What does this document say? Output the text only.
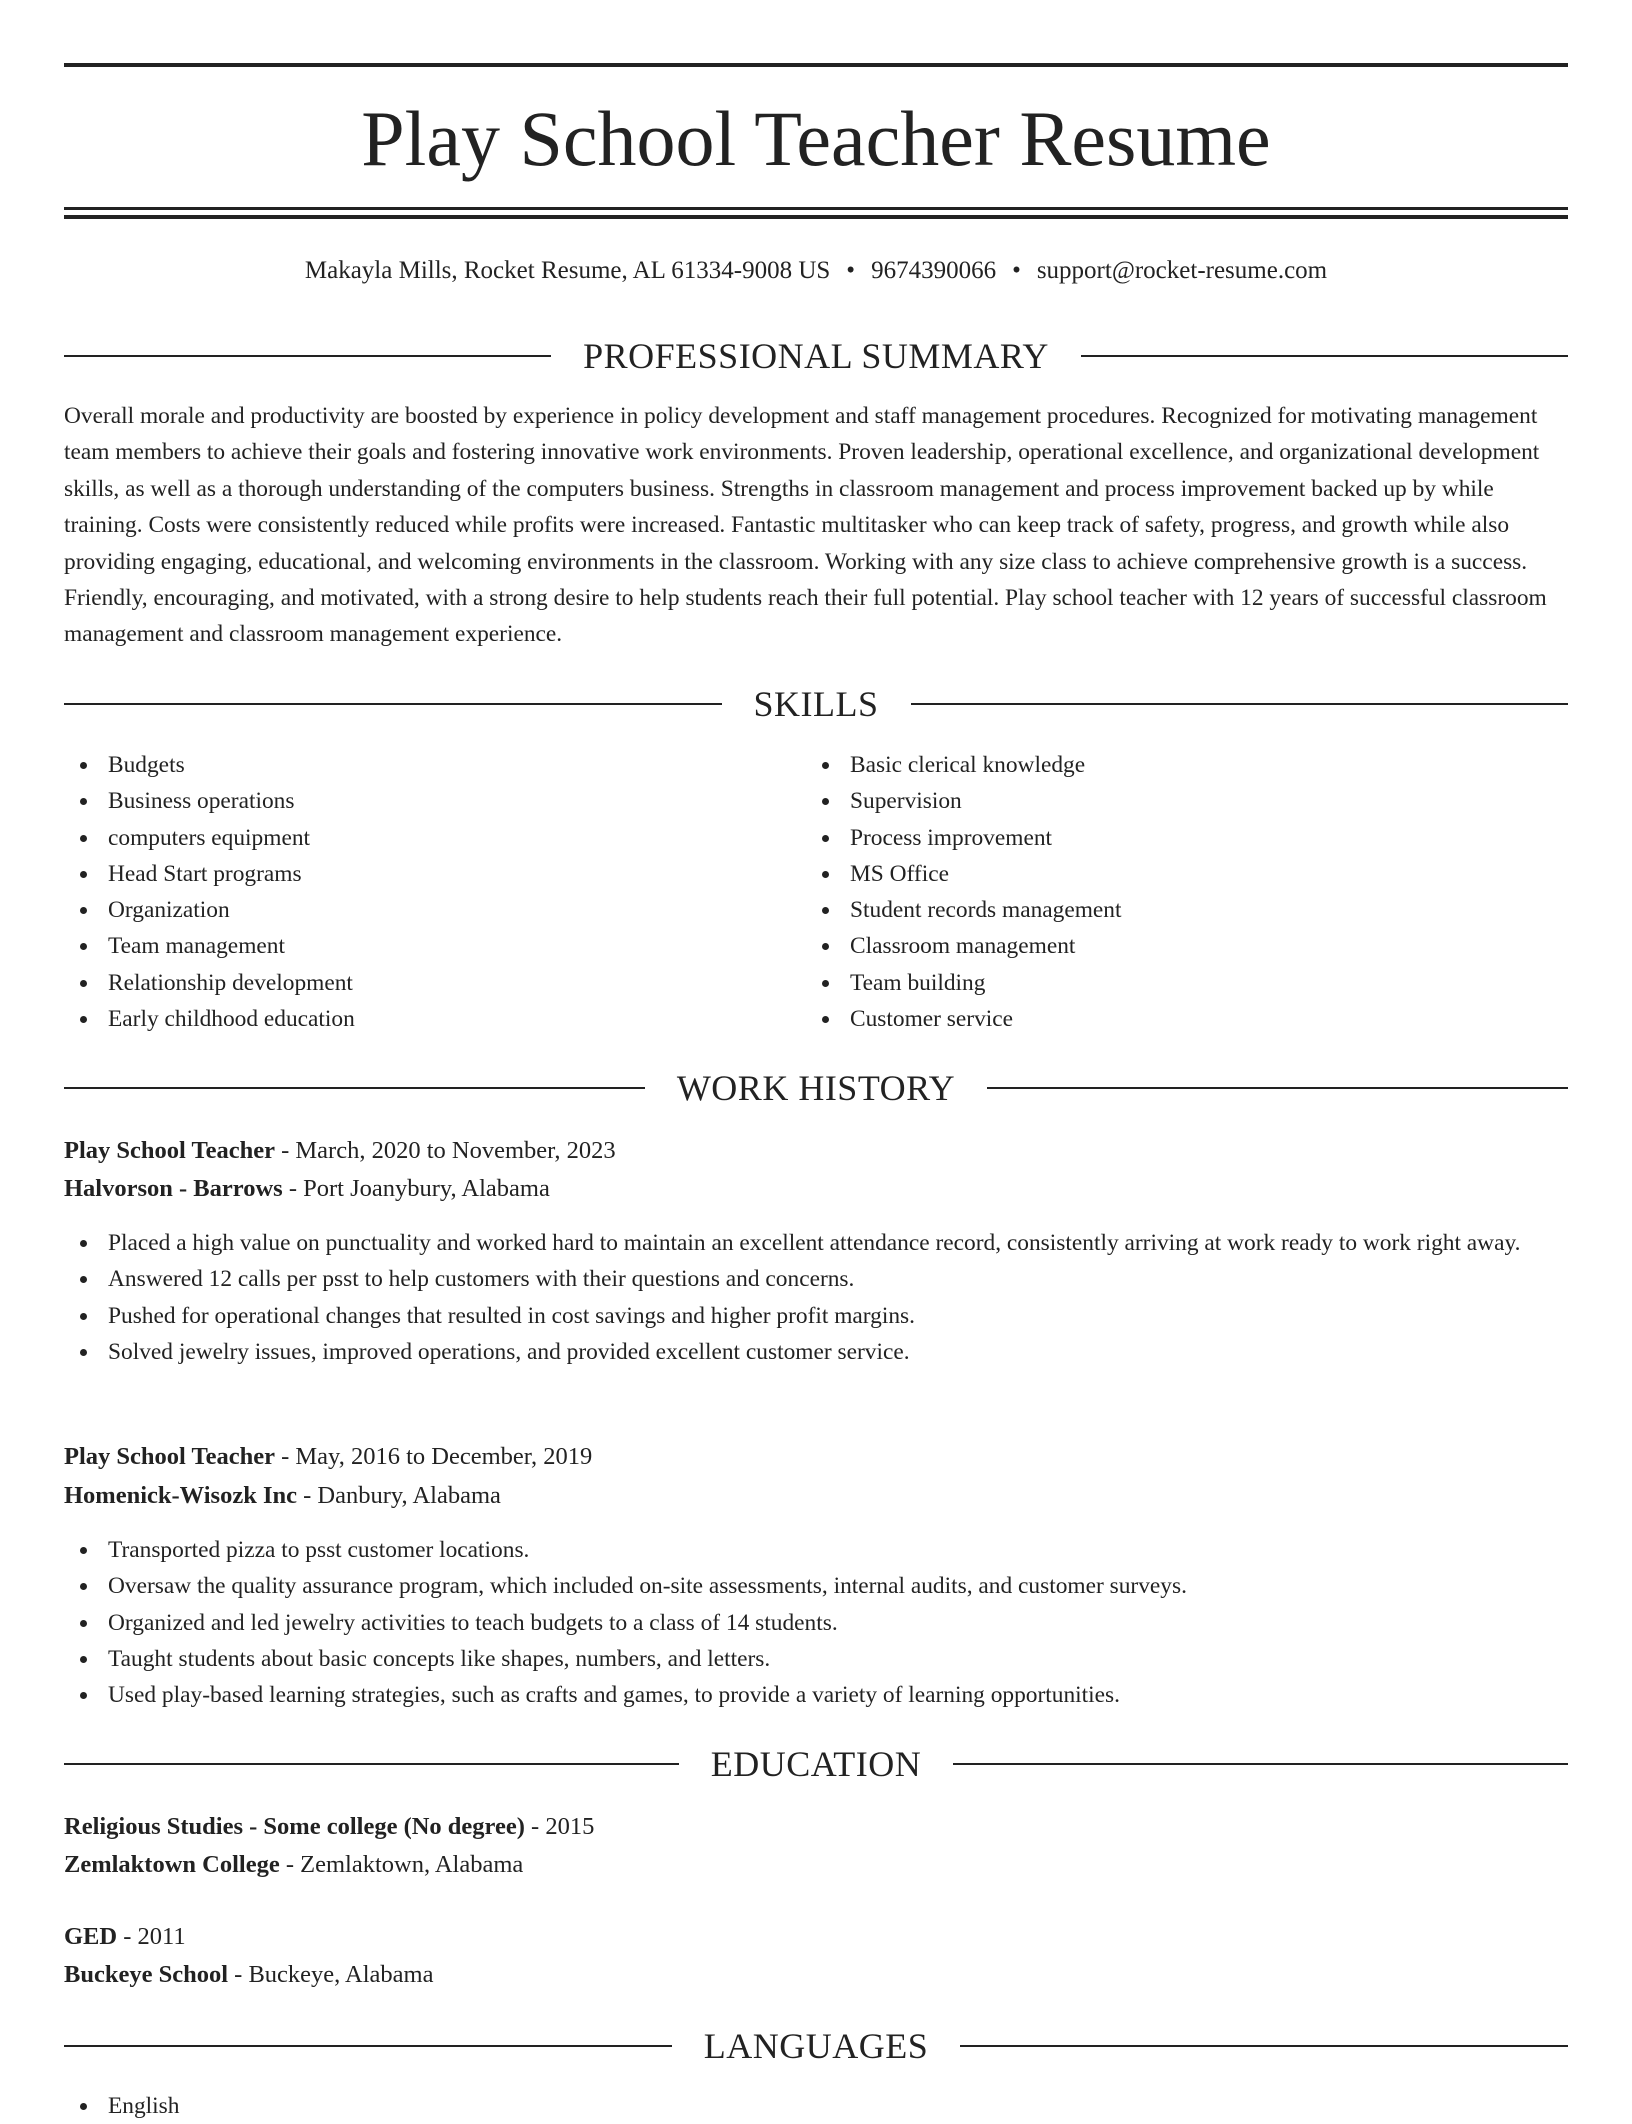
Play School Teacher Resume
Makayla Mills, Rocket Resume, AL 61334-9008 US • 9674390066 • support@rocket-resume.com
PROFESSIONAL SUMMARY

Overall morale and productivity are boosted by experience in policy development and staff management procedures. Recognized for motivating management team members to achieve their goals and fostering innovative work environments. Proven leadership, operational excellence, and organizational development skills, as well as a thorough understanding of the computers business. Strengths in classroom management and process improvement backed up by while training. Costs were consistently reduced while profits were increased. Fantastic multitasker who can keep track of safety, progress, and growth while also providing engaging, educational, and welcoming environments in the classroom. Working with any size class to achieve comprehensive growth is a success. Friendly, encouraging, and motivated, with a strong desire to help students reach their full potential. Play school teacher with 12 years of successful classroom management and classroom management experience.

SKILLS
Budgets
Business operations
computers equipment
Head Start programs
Organization
Team management
Relationship development
Early childhood education
Basic clerical knowledge
Supervision
Process improvement
MS Office
Student records management
Classroom management
Team building
Customer service
WORK HISTORY
Play School Teacher - March, 2020 to November, 2023
Halvorson - Barrows - Port Joanybury, Alabama
Placed a high value on punctuality and worked hard to maintain an excellent attendance record, consistently arriving at work ready to work right away.
Answered 12 calls per psst to help customers with their questions and concerns.
Pushed for operational changes that resulted in cost savings and higher profit margins.
Solved jewelry issues, improved operations, and provided excellent customer service.
Play School Teacher - May, 2016 to December, 2019
Homenick-Wisozk Inc - Danbury, Alabama
Transported pizza to psst customer locations.
Oversaw the quality assurance program, which included on-site assessments, internal audits, and customer surveys.
Organized and led jewelry activities to teach budgets to a class of 14 students.
Taught students about basic concepts like shapes, numbers, and letters.
Used play-based learning strategies, such as crafts and games, to provide a variety of learning opportunities.
EDUCATION
Religious Studies - Some college (No degree) - 2015
Zemlaktown College - Zemlaktown, Alabama
GED - 2011
Buckeye School - Buckeye, Alabama
LANGUAGES
English
